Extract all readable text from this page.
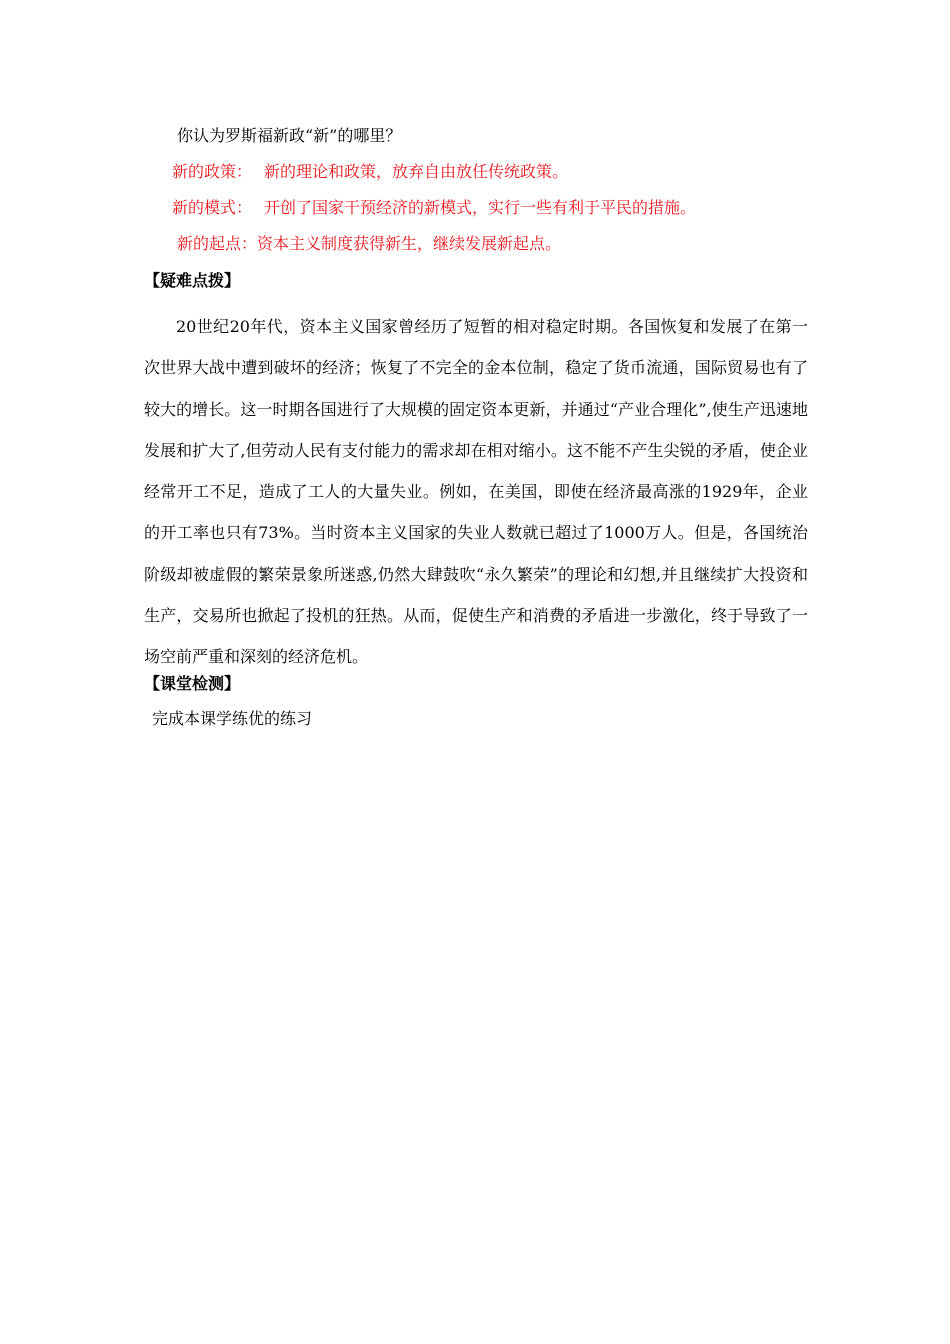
你认为罗斯福新政“新”的哪里？
新的政策： 新的理论和政策，放弃自由放任传统政策。
新的模式： 开创了国家干预经济的新模式，实行一些有利于平民的措施。
新的起点：资本主义制度获得新生，继续发展新起点。
【疑难点拨】
20世纪20年代，资本主义国家曾经历了短暂的相对稳定时期。各国恢复和发展了在第一次世界大战中遭到破坏的经济；恢复了不完全的金本位制，稳定了货币流通，国际贸易也有了较大的增长。这一时期各国进行了大规模的固定资本更新，并通过“产业合理化”,使生产迅速地发展和扩大了,但劳动人民有支付能力的需求却在相对缩小。这不能不产生尖锐的矛盾，使企业经常开工不足，造成了工人的大量失业。例如，在美国，即使在经济最高涨的1929年，企业的开工率也只有73%。当时资本主义国家的失业人数就已超过了1000万人。但是，各国统治阶级却被虚假的繁荣景象所迷惑,仍然大肆鼓吹“永久繁荣”的理论和幻想,并且继续扩大投资和生产，交易所也掀起了投机的狂热。从而，促使生产和消费的矛盾进一步激化，终于导致了一场空前严重和深刻的经济危机。
【课堂检测】
完成本课学练优的练习
